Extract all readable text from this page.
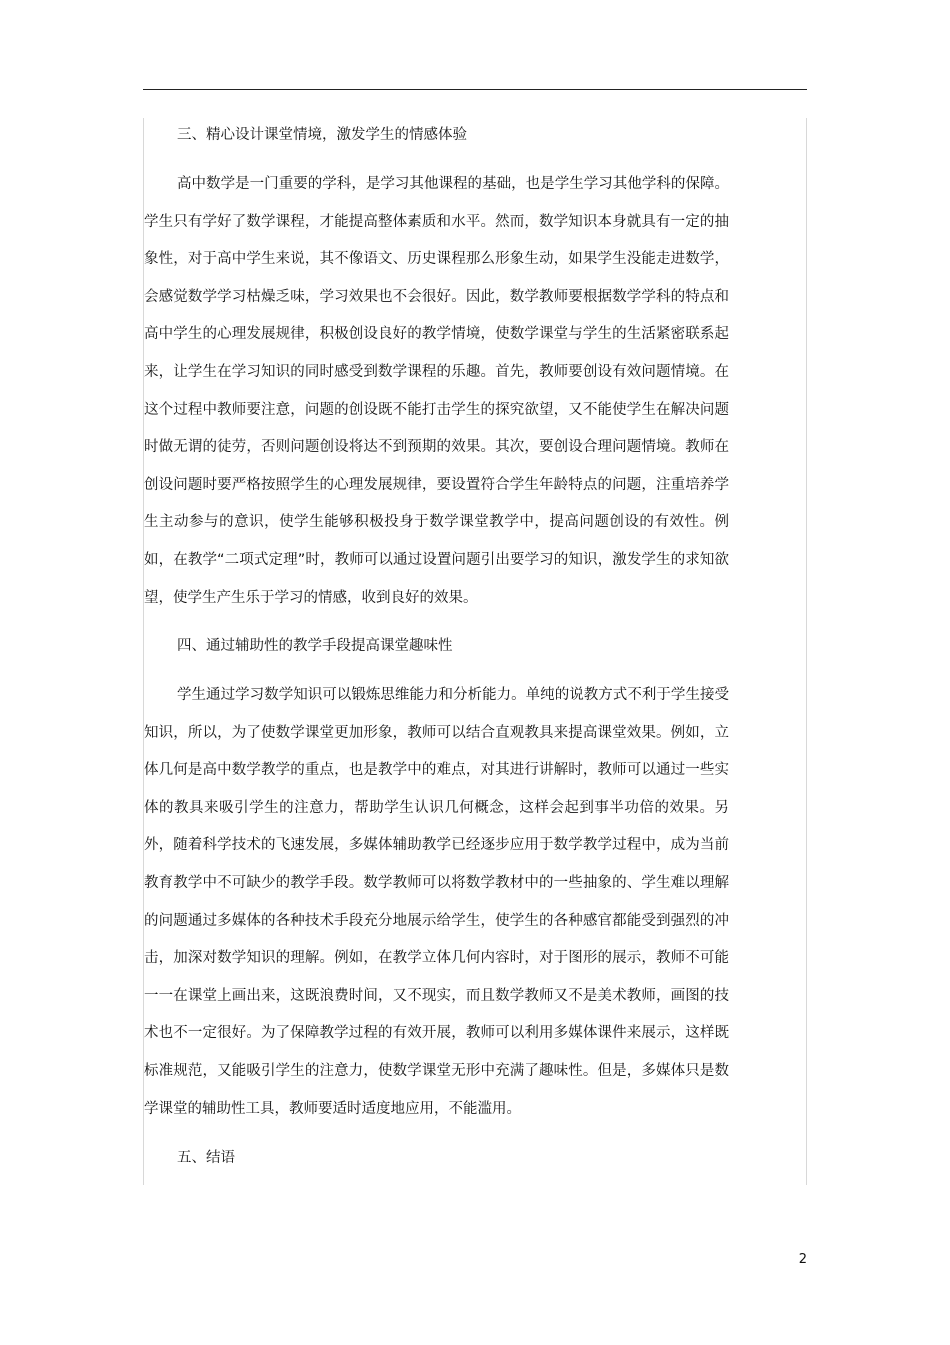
三、精心设计课堂情境，激发学生的情感体验

高中数学是一门重要的学科，是学习其他课程的基础，也是学生学习其他学科的保障。学生只有学好了数学课程，才能提高整体素质和水平。然而，数学知识本身就具有一定的抽象性，对于高中学生来说，其不像语文、历史课程那么形象生动，如果学生没能走进数学，会感觉数学学习枯燥乏味，学习效果也不会很好。因此，数学教师要根据数学学科的特点和高中学生的心理发展规律，积极创设良好的教学情境，使数学课堂与学生的生活紧密联系起来，让学生在学习知识的同时感受到数学课程的乐趣。首先，教师要创设有效问题情境。在这个过程中教师要注意，问题的创设既不能打击学生的探究欲望，又不能使学生在解决问题时做无谓的徒劳，否则问题创设将达不到预期的效果。其次，要创设合理问题情境。教师在创设问题时要严格按照学生的心理发展规律，要设置符合学生年龄特点的问题，注重培养学生主动参与的意识，使学生能够积极投身于数学课堂教学中，提高问题创设的有效性。例如，在教学“二项式定理”时，教师可以通过设置问题引出要学习的知识，激发学生的求知欲望，使学生产生乐于学习的情感，收到良好的效果。

四、通过辅助性的教学手段提高课堂趣味性

学生通过学习数学知识可以锻炼思维能力和分析能力。单纯的说教方式不利于学生接受知识，所以，为了使数学课堂更加形象，教师可以结合直观教具来提高课堂效果。例如，立体几何是高中数学教学的重点，也是教学中的难点，对其进行讲解时，教师可以通过一些实体的教具来吸引学生的注意力，帮助学生认识几何概念，这样会起到事半功倍的效果。另外，随着科学技术的飞速发展，多媒体辅助教学已经逐步应用于数学教学过程中，成为当前教育教学中不可缺少的教学手段。数学教师可以将数学教材中的一些抽象的、学生难以理解的问题通过多媒体的各种技术手段充分地展示给学生，使学生的各种感官都能受到强烈的冲击，加深对数学知识的理解。例如，在教学立体几何内容时，对于图形的展示，教师不可能一一在课堂上画出来，这既浪费时间，又不现实，而且数学教师又不是美术教师，画图的技术也不一定很好。为了保障教学过程的有效开展，教师可以利用多媒体课件来展示，这样既标准规范，又能吸引学生的注意力，使数学课堂无形中充满了趣味性。但是，多媒体只是数学课堂的辅助性工具，教师要适时适度地应用，不能滥用。

五、结语
2
